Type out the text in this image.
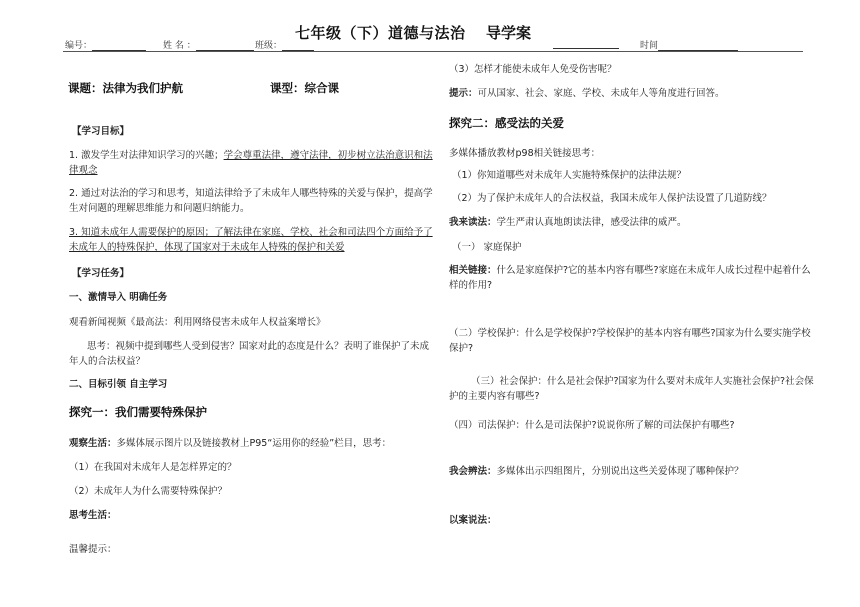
编号：	姓 名 ：	班级：
七年级（下）道德与法治 导学案
时间
课题：法律为我们护航	课型：综合课
【学习目标】
1. 激发学生对法律知识学习的兴趣；学会尊重法律，遵守法律，初步树立法治意识和法律观念
2. 通过对法治的学习和思考，知道法律给予了未成年人哪些特殊的关爱与保护，提高学生对问题的理解思维能力和问题归纳能力。
3. 知道未成年人需要保护的原因；了解法律在家庭、学校、社会和司法四个方面给予了未成年人的特殊保护，体现了国家对于未成年人特殊的保护和关爱
【学习任务】
一、激情导入 明确任务
观看新闻视频《最高法：利用网络侵害未成年人权益案增长》
思考：视频中提到哪些人受到侵害？国家对此的态度是什么？表明了谁保护了未成年人的合法权益？
二、目标引领 自主学习
探究一：我们需要特殊保护
观察生活：多媒体展示图片以及链接教材上P95“运用你的经验”栏目，思考：
（1）在我国对未成年人是怎样界定的？
（2）未成年人为什么需要特殊保护？
思考生活：
温馨提示：
（3）怎样才能使未成年人免受伤害呢？
提示：可从国家、社会、家庭、学校、未成年人等角度进行回答。
探究二：感受法的关爱
多媒体播放教材p98相关链接思考：
（1）你知道哪些对未成年人实施特殊保护的法律法规？
（2）为了保护未成年人的合法权益，我国未成年人保护法设置了几道防线？
我来读法：学生严肃认真地朗读法律，感受法律的威严。
（一） 家庭保护
相关链接：什么是家庭保护?它的基本内容有哪些?家庭在未成年人成长过程中起着什么样的作用?
（二）学校保护：什么是学校保护?学校保护的基本内容有哪些?国家为什么要实施学校保护?
（三）社会保护：什么是社会保护?国家为什么要对未成年人实施社会保护?社会保护的主要内容有哪些?
（四）司法保护：什么是司法保护?说说你所了解的司法保护有哪些?
我会辨法：多媒体出示四组图片，分别说出这些关爱体现了哪种保护？
以案说法：
